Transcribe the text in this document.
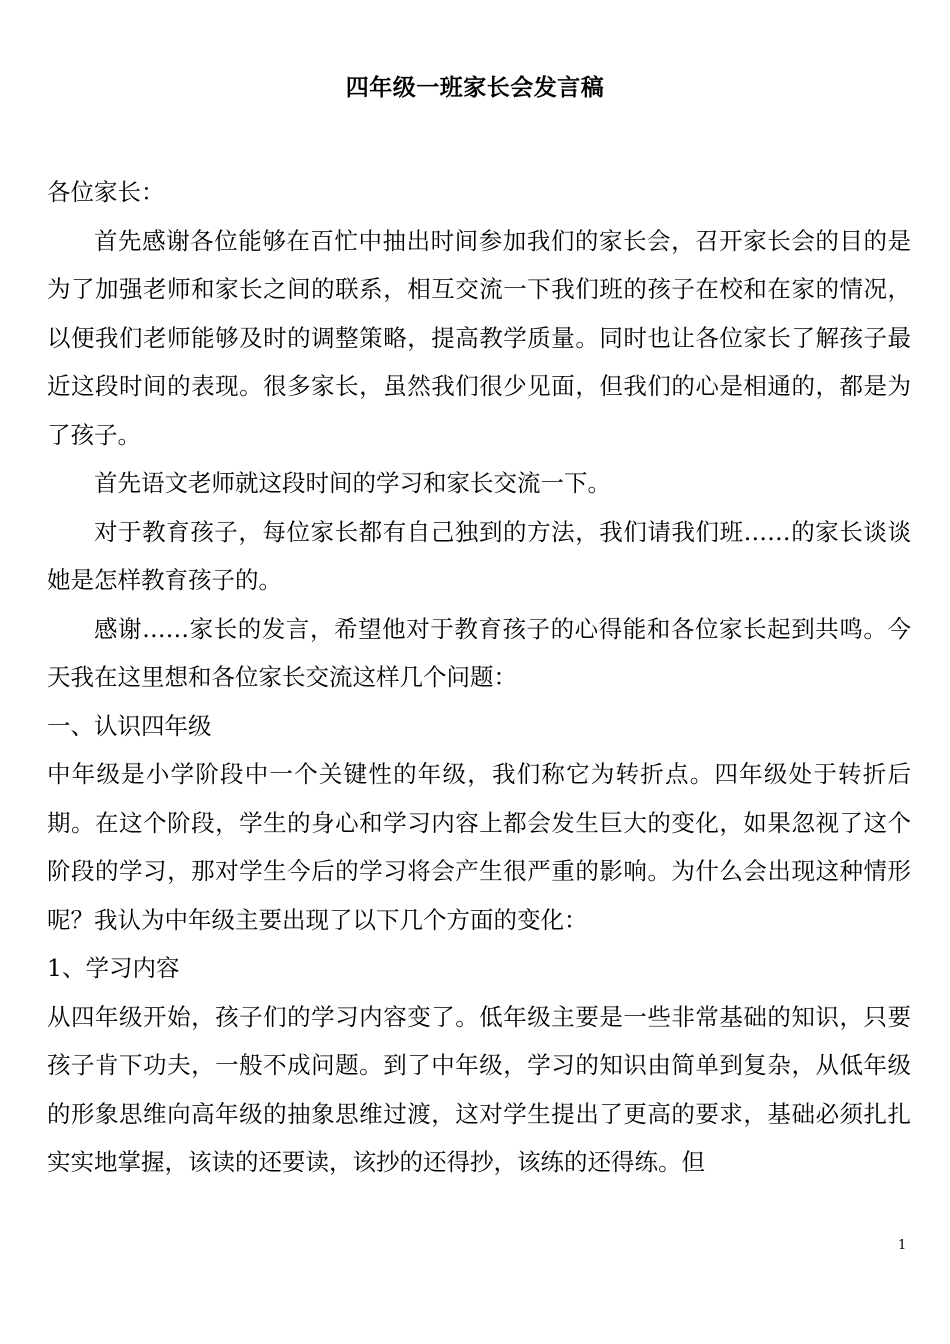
四年级一班家长会发言稿

各位家长：

首先感谢各位能够在百忙中抽出时间参加我们的家长会，召开家长会的目的是为了加强老师和家长之间的联系，相互交流一下我们班的孩子在校和在家的情况，以便我们老师能够及时的调整策略，提高教学质量。同时也让各位家长了解孩子最近这段时间的表现。很多家长，虽然我们很少见面，但我们的心是相通的，都是为了孩子。

首先语文老师就这段时间的学习和家长交流一下。

对于教育孩子，每位家长都有自己独到的方法，我们请我们班……的家长谈谈她是怎样教育孩子的。

感谢……家长的发言，希望他对于教育孩子的心得能和各位家长起到共鸣。今天我在这里想和各位家长交流这样几个问题：

一、认识四年级

中年级是小学阶段中一个关键性的年级，我们称它为转折点。四年级处于转折后期。在这个阶段，学生的身心和学习内容上都会发生巨大的变化，如果忽视了这个阶段的学习，那对学生今后的学习将会产生很严重的影响。为什么会出现这种情形呢？我认为中年级主要出现了以下几个方面的变化：

1、学习内容

从四年级开始，孩子们的学习内容变了。低年级主要是一些非常基础的知识，只要孩子肯下功夫，一般不成问题。到了中年级，学习的知识由简单到复杂，从低年级的形象思维向高年级的抽象思维过渡，这对学生提出了更高的要求，基础必须扎扎实实地掌握，该读的还要读，该抄的还得抄，该练的还得练。但

1
